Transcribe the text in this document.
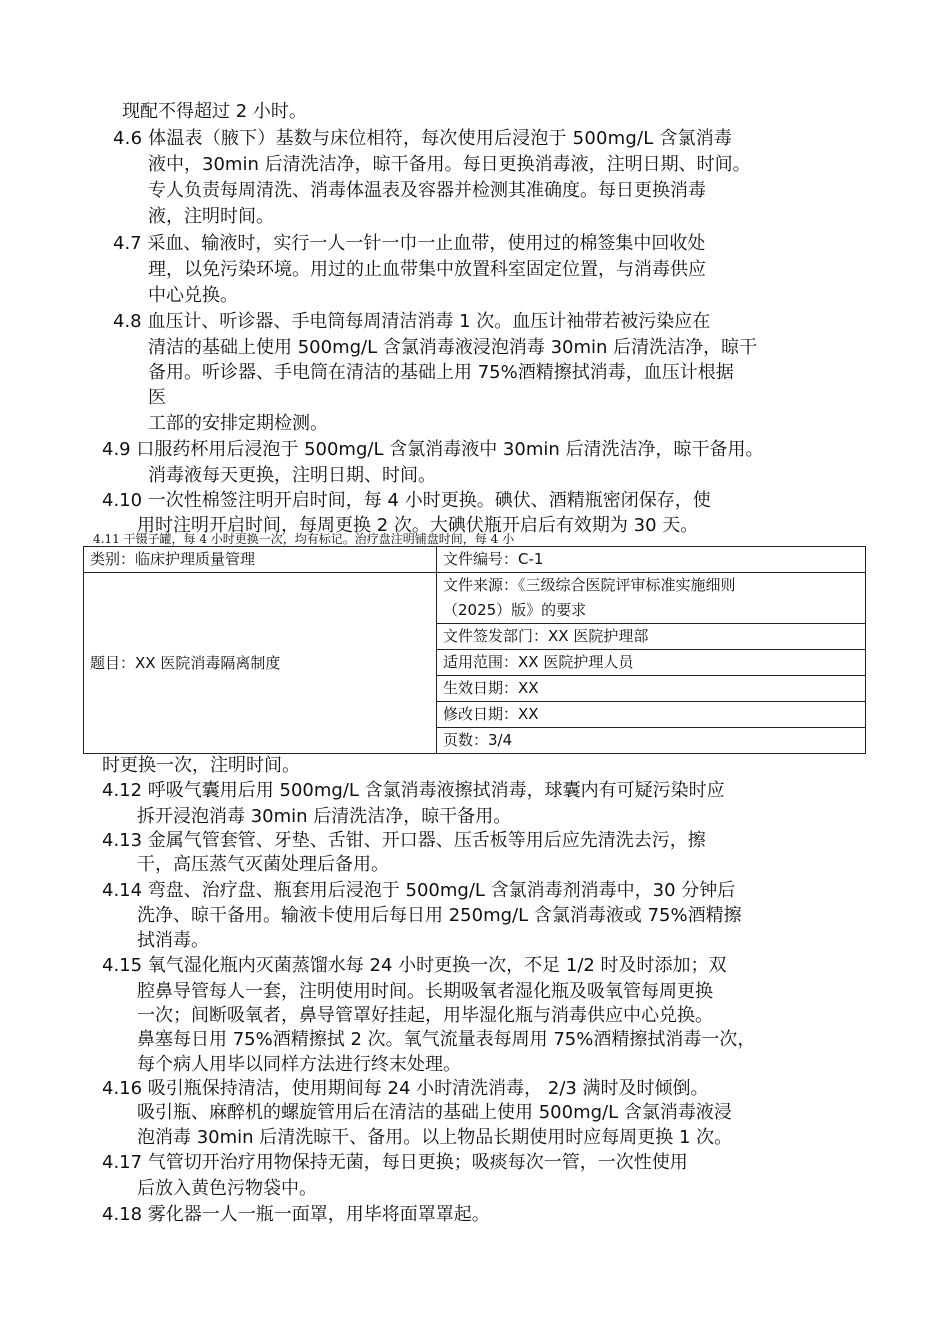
现配不得超过 2 小时。
4.6 体温表（腋下）基数与床位相符，每次使用后浸泡于 500mg/L 含氯消毒
液中，30min 后清洗洁净，晾干备用。每日更换消毒液，注明日期、时间。
专人负责每周清洗、消毒体温表及容器并检测其准确度。每日更换消毒
液，注明时间。
4.7 采血、输液时，实行一人一针一巾一止血带，使用过的棉签集中回收处
理，以免污染环境。用过的止血带集中放置科室固定位置，与消毒供应
中心兑换。
4.8 血压计、听诊器、手电筒每周清洁消毒 1 次。血压计袖带若被污染应在
清洁的基础上使用 500mg/L 含氯消毒液浸泡消毒 30min 后清洗洁净，晾干
备用。听诊器、手电筒在清洁的基础上用 75%酒精擦拭消毒，血压计根据
医
工部的安排定期检测。
4.9 口服药杯用后浸泡于 500mg/L 含氯消毒液中 30min 后清洗洁净，晾干备用。
消毒液每天更换，注明日期、时间。
4.10 一次性棉签注明开启时间，每 4 小时更换。碘伏、酒精瓶密闭保存，使
用时注明开启时间，每周更换 2 次。大碘伏瓶开启后有效期为 30 天。
4.11 干镊子罐，每 4 小时更换一次，均有标记。治疗盘注明铺盘时间，每 4 小
类别：临床护理质量管理	文件编号：C-1
题目：XX 医院消毒隔离制度	文件来源：《三级综合医院评审标准实施细则
（2025）版》的要求

	文件签发部门：XX 医院护理部
	适用范围：XX 医院护理人员
	生效日期：XX
	修改日期：XX
	页数：3/4
时更换一次，注明时间。
4.12 呼吸气囊用后用 500mg/L 含氯消毒液擦拭消毒，球囊内有可疑污染时应
拆开浸泡消毒 30min 后清洗洁净，晾干备用。
4.13 金属气管套管、牙垫、舌钳、开口器、压舌板等用后应先清洗去污，擦
干，高压蒸气灭菌处理后备用。
4.14 弯盘、治疗盘、瓶套用后浸泡于 500mg/L 含氯消毒剂消毒中，30 分钟后
洗净、晾干备用。输液卡使用后每日用 250mg/L 含氯消毒液或 75%酒精擦
拭消毒。
4.15 氧气湿化瓶内灭菌蒸馏水每 24 小时更换一次，不足 1/2 时及时添加；双
腔鼻导管每人一套，注明使用时间。长期吸氧者湿化瓶及吸氧管每周更换
一次；间断吸氧者，鼻导管罩好挂起，用毕湿化瓶与消毒供应中心兑换。
鼻塞每日用 75%酒精擦拭 2 次。氧气流量表每周用 75%酒精擦拭消毒一次，
每个病人用毕以同样方法进行终末处理。
4.16 吸引瓶保持清洁，使用期间每 24 小时清洗消毒， 2/3 满时及时倾倒。
吸引瓶、麻醉机的螺旋管用后在清洁的基础上使用 500mg/L 含氯消毒液浸
泡消毒 30min 后清洗晾干、备用。以上物品长期使用时应每周更换 1 次。
4.17 气管切开治疗用物保持无菌，每日更换；吸痰每次一管，一次性使用
后放入黄色污物袋中。
4.18 雾化器一人一瓶一面罩，用毕将面罩罩起。
